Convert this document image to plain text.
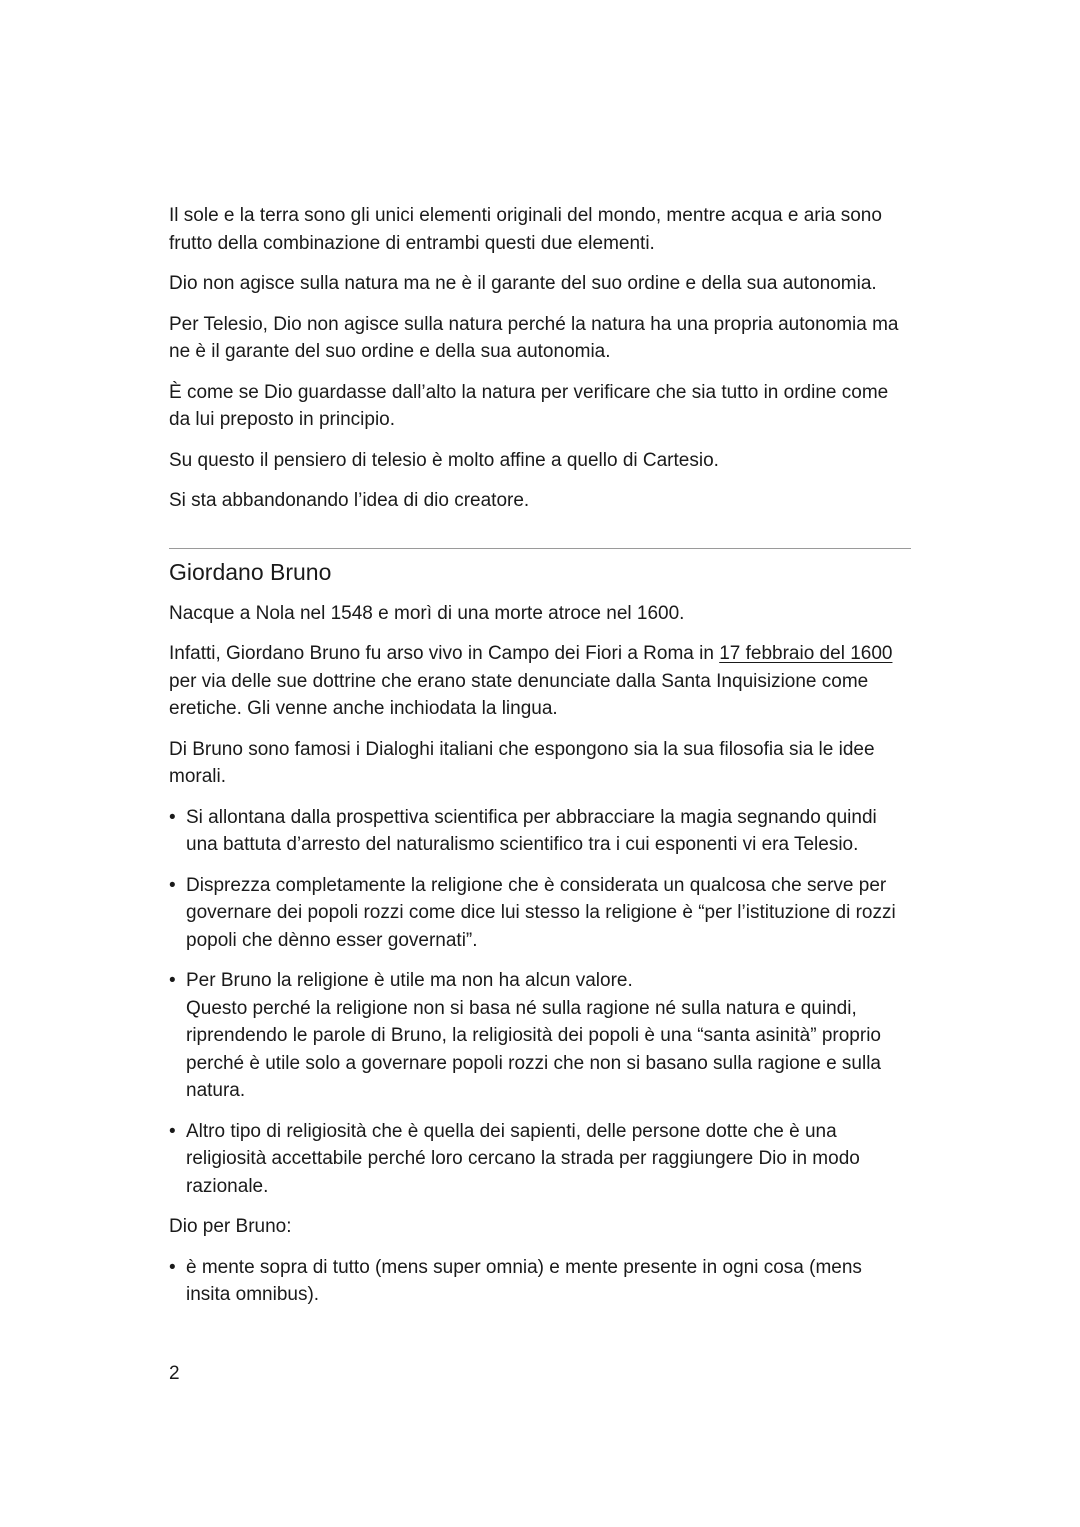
Il sole e la terra sono gli unici elementi originali del mondo, mentre acqua e aria sono frutto della combinazione di entrambi questi due elementi.

Dio non agisce sulla natura ma ne è il garante del suo ordine e della sua autonomia.

Per Telesio, Dio non agisce sulla natura perché la natura ha una propria autonomia ma ne è il garante del suo ordine e della sua autonomia.

È come se Dio guardasse dall’alto la natura per verificare che sia tutto in ordine come da lui preposto in principio.

Su questo il pensiero di telesio è molto affine a quello di Cartesio.

Si sta abbandonando l’idea di dio creatore.

Giordano Bruno

Nacque a Nola nel 1548 e morì di una morte atroce nel 1600.

Infatti, Giordano Bruno fu arso vivo in Campo dei Fiori a Roma in 17 febbraio del 1600 per via delle sue dottrine che erano state denunciate dalla Santa Inquisizione come eretiche. Gli venne anche inchiodata la lingua.

Di Bruno sono famosi i Dialoghi italiani che espongono sia la sua filosofia sia le idee morali.

• Si allontana dalla prospettiva scientifica per abbracciare la magia segnando quindi una battuta d’arresto del naturalismo scientifico tra i cui esponenti vi era Telesio.
• Disprezza completamente la religione che è considerata un qualcosa che serve per governare dei popoli rozzi come dice lui stesso la religione è “per l’istituzione di rozzi popoli che dènno esser governati”.
• Per Bruno la religione è utile ma non ha alcun valore.
Questo perché la religione non si basa né sulla ragione né sulla natura e quindi, riprendendo le parole di Bruno, la religiosità dei popoli è una “santa asinità” proprio perché è utile solo a governare popoli rozzi che non si basano sulla ragione e sulla natura.
• Altro tipo di religiosità che è quella dei sapienti, delle persone dotte che è una religiosità accettabile perché loro cercano la strada per raggiungere Dio in modo razionale.

Dio per Bruno:

• è mente sopra di tutto (mens super omnia) e mente presente in ogni cosa (mens insita omnibus).
2
